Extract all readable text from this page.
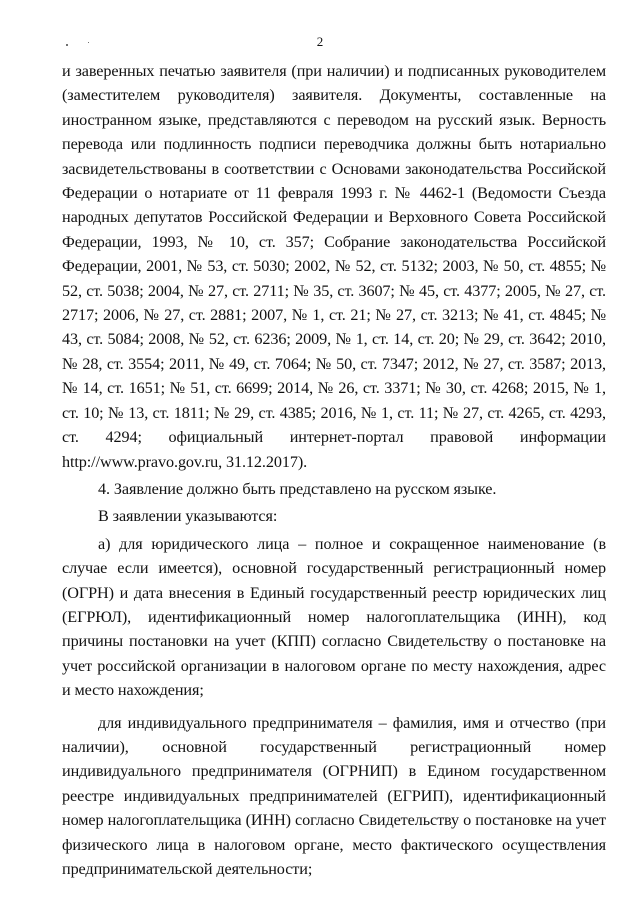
2

и заверенных печатью заявителя (при наличии) и подписанных руководителем (заместителем руководителя) заявителя. Документы, составленные на иностранном языке, представляются с переводом на русский язык. Верность перевода или подлинность подписи переводчика должны быть нотариально засвидетельствованы в соответствии с Основами законодательства Российской Федерации о нотариате от 11 февраля 1993 г. № 4462-1 (Ведомости Съезда народных депутатов Российской Федерации и Верховного Совета Российской Федерации, 1993, № 10, ст. 357; Собрание законодательства Российской Федерации, 2001, № 53, ст. 5030; 2002, № 52, ст. 5132; 2003, № 50, ст. 4855; № 52, ст. 5038; 2004, № 27, ст. 2711; № 35, ст. 3607; № 45, ст. 4377; 2005, № 27, ст. 2717; 2006, № 27, ст. 2881; 2007, № 1, ст. 21; № 27, ст. 3213; № 41, ст. 4845; № 43, ст. 5084; 2008, № 52, ст. 6236; 2009, № 1, ст. 14, ст. 20; № 29, ст. 3642; 2010, № 28, ст. 3554; 2011, № 49, ст. 7064; № 50, ст. 7347; 2012, № 27, ст. 3587; 2013, № 14, ст. 1651; № 51, ст. 6699; 2014, № 26, ст. 3371; № 30, ст. 4268; 2015, № 1, ст. 10; № 13, ст. 1811; № 29, ст. 4385; 2016, № 1, ст. 11; № 27, ст. 4265, ст. 4293, ст. 4294; официальный интернет-портал правовой информации http://www.pravo.gov.ru, 31.12.2017).

4. Заявление должно быть представлено на русском языке.

В заявлении указываются:

а) для юридического лица – полное и сокращенное наименование (в случае если имеется), основной государственный регистрационный номер (ОГРН) и дата внесения в Единый государственный реестр юридических лиц (ЕГРЮЛ), идентификационный номер налогоплательщика (ИНН), код причины постановки на учет (КПП) согласно Свидетельству о постановке на учет российской организации в налоговом органе по месту нахождения, адрес и место нахождения;

для индивидуального предпринимателя – фамилия, имя и отчество (при наличии), основной государственный регистрационный номер индивидуального предпринимателя (ОГРНИП) в Едином государственном реестре индивидуальных предпринимателей (ЕГРИП), идентификационный номер налогоплательщика (ИНН) согласно Свидетельству о постановке на учет физического лица в налоговом органе, место фактического осуществления предпринимательской деятельности;
